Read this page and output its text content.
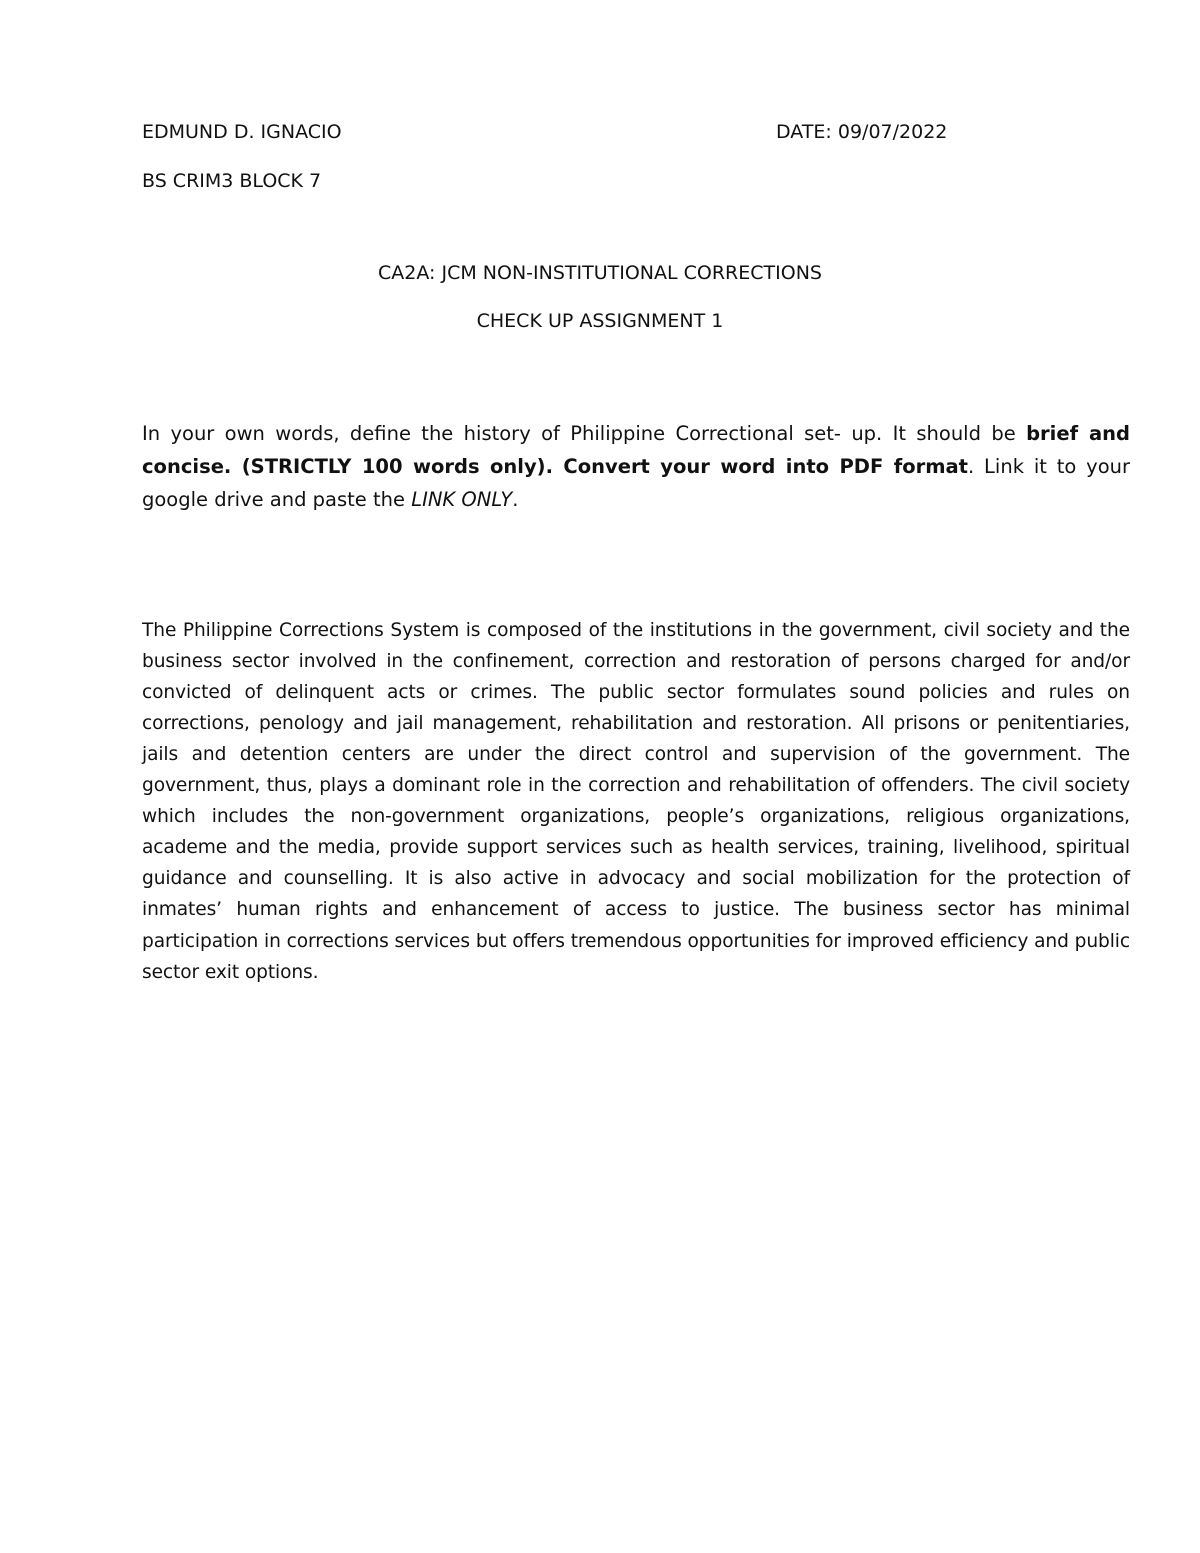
EDMUND D. IGNACIO	DATE: 09/07/2022
BS CRIM3 BLOCK 7
CA2A: JCM NON-INSTITUTIONAL CORRECTIONS
CHECK UP ASSIGNMENT 1

In your own words, define the history of Philippine Correctional set- up. It should be brief and concise. (STRICTLY 100 words only). Convert your word into PDF format. Link it to your google drive and paste the LINK ONLY.

The Philippine Corrections System is composed of the institutions in the government, civil society and the business sector involved in the confinement, correction and restoration of persons charged for and/or convicted of delinquent acts or crimes. The public sector formulates sound policies and rules on corrections, penology and jail management, rehabilitation and restoration. All prisons or penitentiaries, jails and detention centers are under the direct control and supervision of the government. The government, thus, plays a dominant role in the correction and rehabilitation of offenders. The civil society which includes the non-government organizations, people’s organizations, religious organizations, academe and the media, provide support services such as health services, training, livelihood, spiritual guidance and counselling. It is also active in advocacy and social mobilization for the protection of inmates’ human rights and enhancement of access to justice. The business sector has minimal participation in corrections services but offers tremendous opportunities for improved efficiency and public sector exit options.
